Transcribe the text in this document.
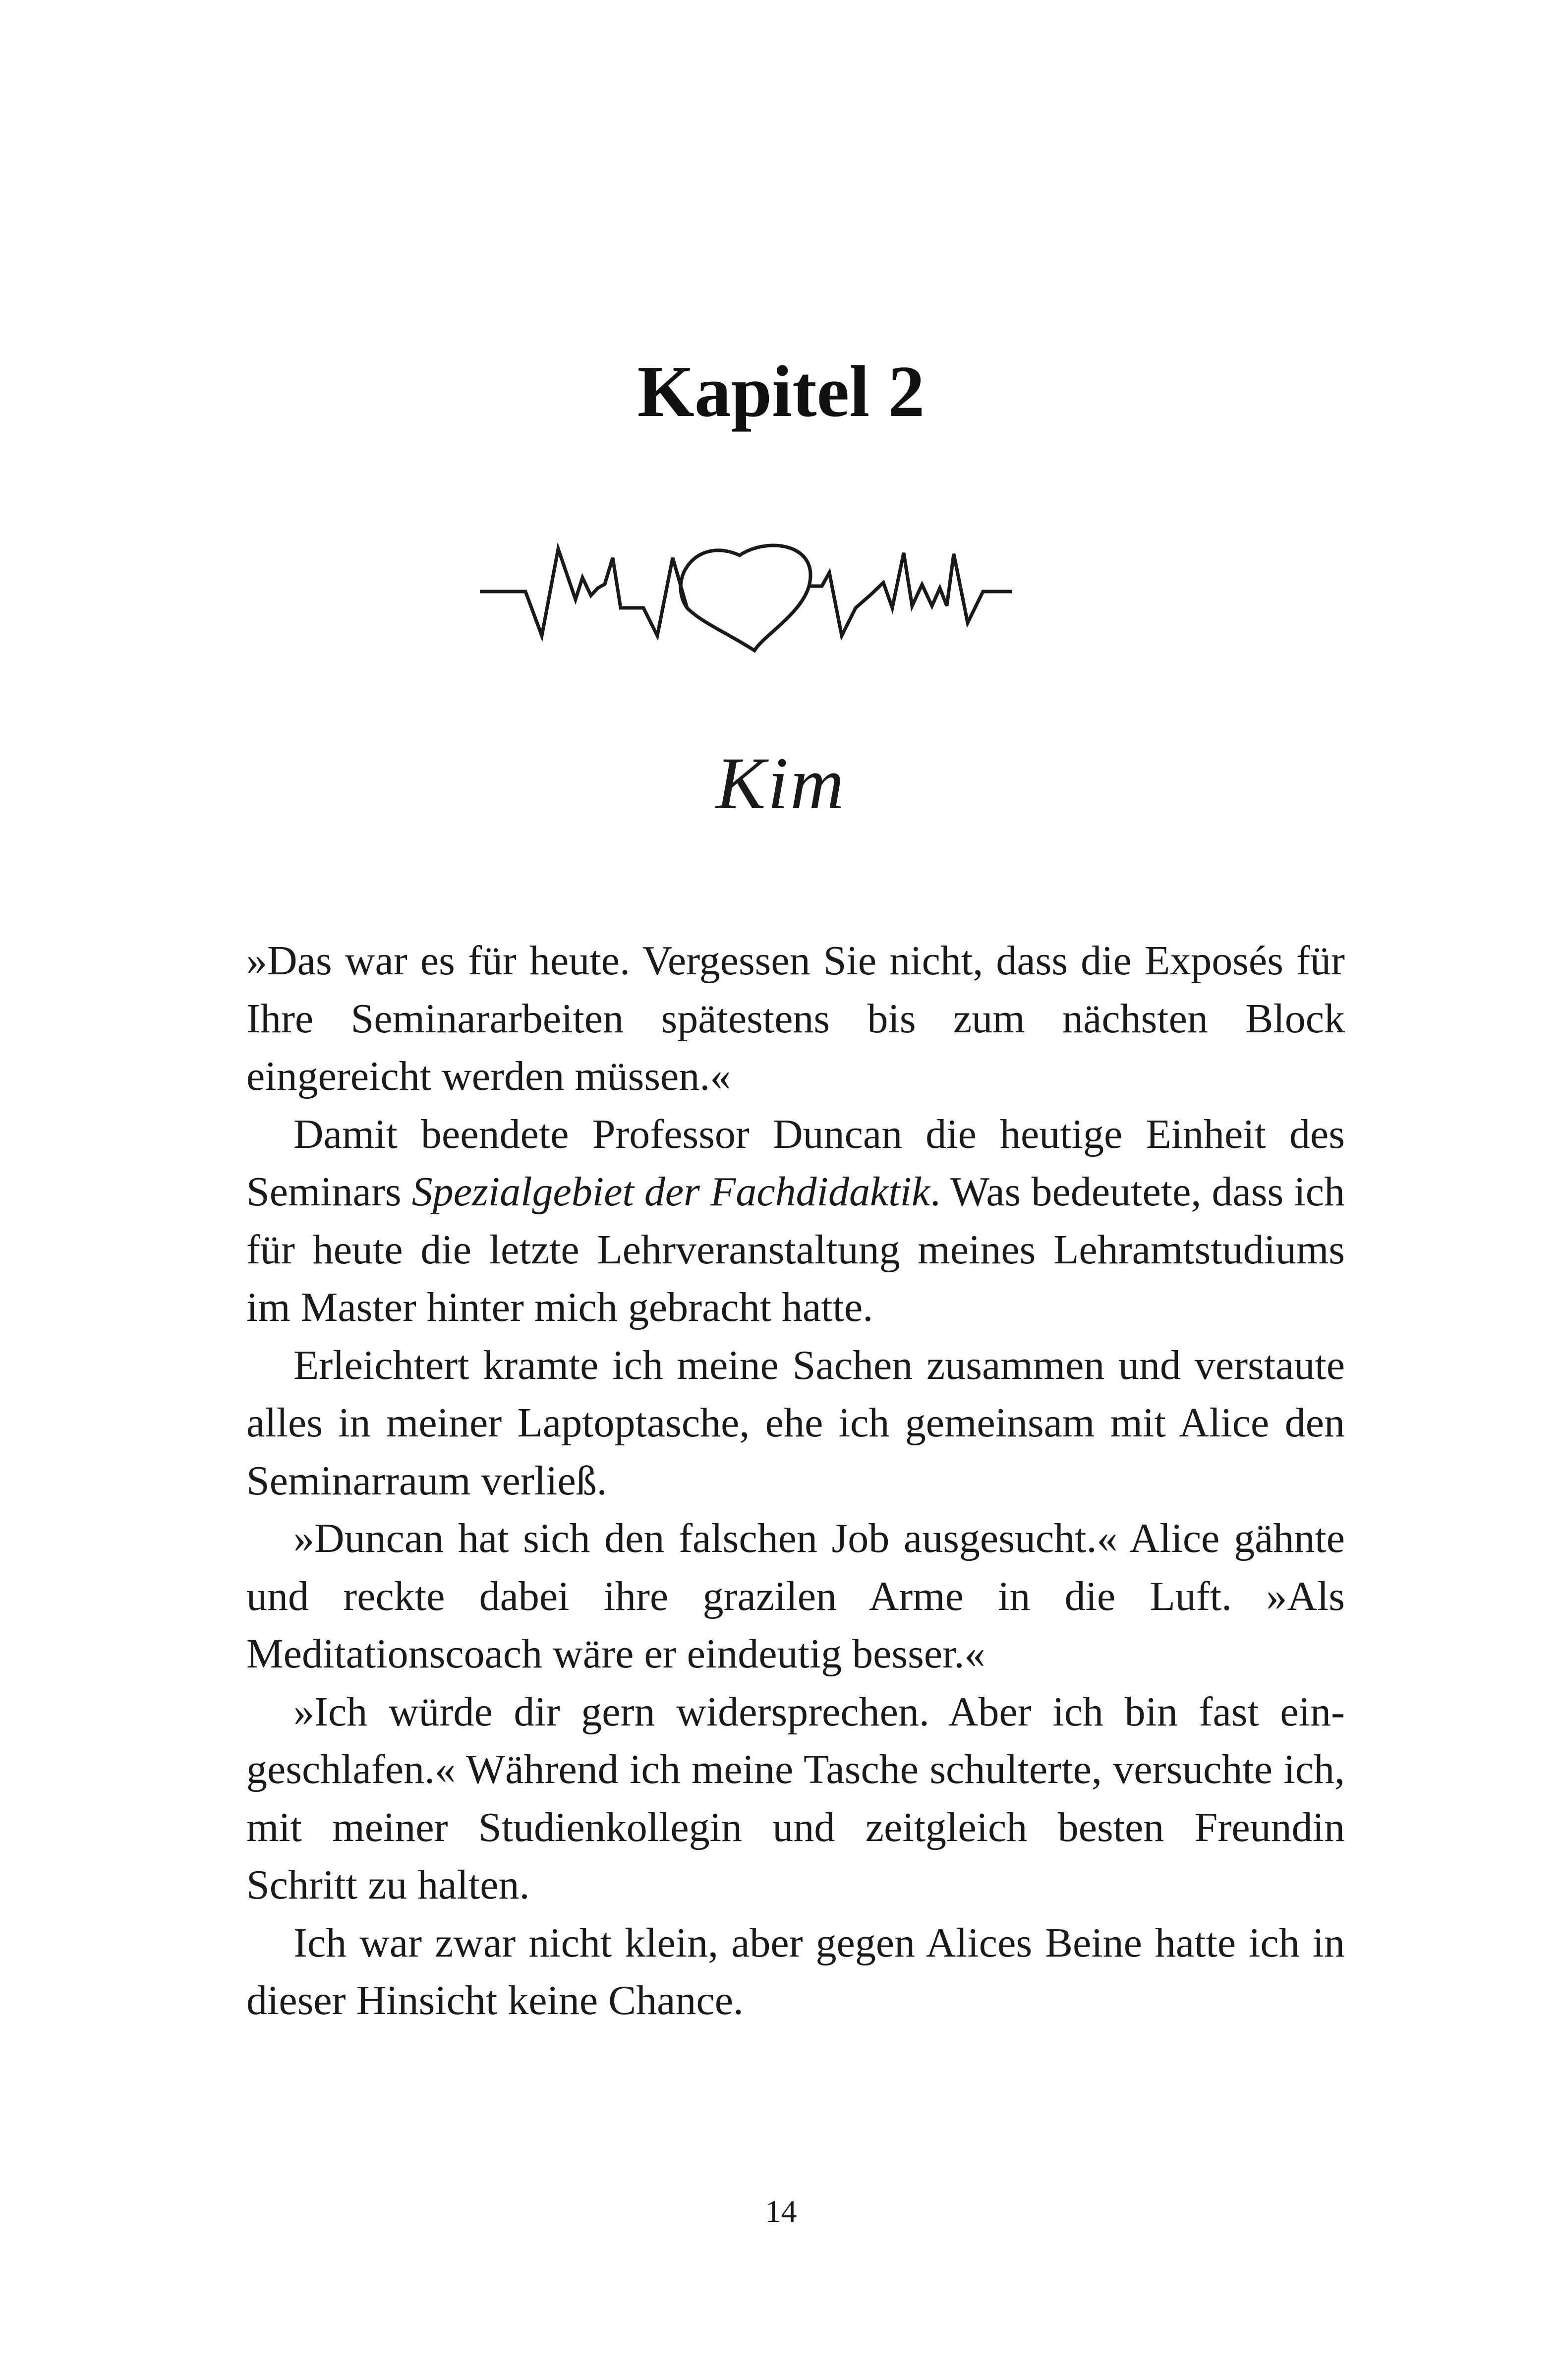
Kapitel 2
Kim

»Das war es für heute. Vergessen Sie nicht, dass die Exposés für Ihre Seminararbeiten spätestens bis zum nächsten Block eingereicht werden müssen.«

Damit beendete Professor Duncan die heutige Einheit des Seminars Spezialgebiet der Fachdidaktik. Was bedeutete, dass ich für heute die letzte Lehrveranstaltung meines Lehramtstudiums im Master hinter mich gebracht hatte.

Erleichtert kramte ich meine Sachen zusammen und verstaute alles in meiner Laptoptasche, ehe ich gemeinsam mit Alice den Seminarraum verließ.

»Duncan hat sich den falschen Job ausgesucht.« Alice gähnte und reckte dabei ihre grazilen Arme in die Luft. »Als Meditationscoach wäre er eindeutig besser.«

»Ich würde dir gern widersprechen. Aber ich bin fast eingeschlafen.« Während ich meine Tasche schulterte, versuchte ich, mit meiner Studienkollegin und zeitgleich besten Freundin Schritt zu halten.

Ich war zwar nicht klein, aber gegen Alices Beine hatte ich in dieser Hinsicht keine Chance.

14
